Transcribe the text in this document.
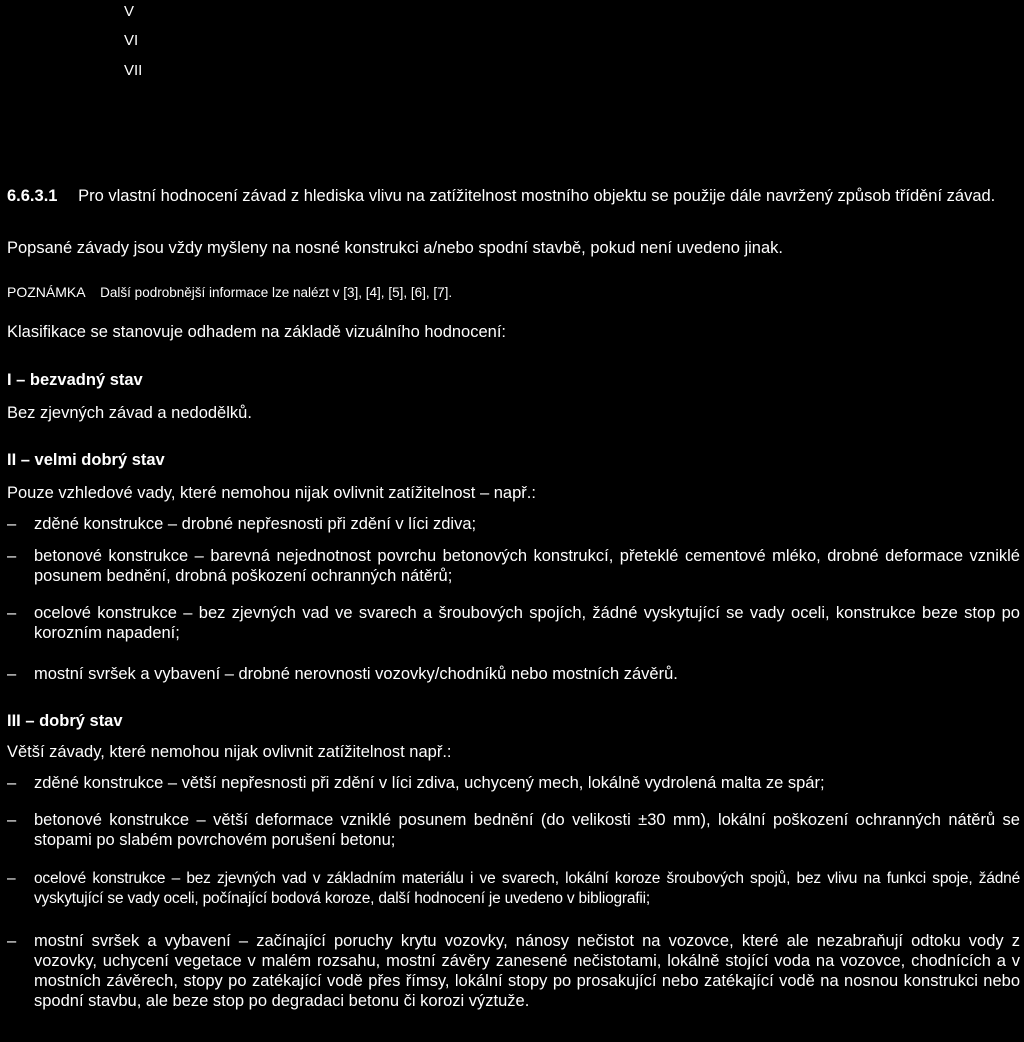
V
VI
VII
6.6.3.1 Pro vlastní hodnocení závad z hlediska vlivu na zatížitelnost mostního objektu se použije dále navržený způsob třídění závad.
Popsané závady jsou vždy myšleny na nosné konstrukci a/nebo spodní stavbě, pokud není uvedeno jinak.
POZNÁMKA Další podrobnější informace lze nalézt v [3], [4], [5], [6], [7].
Klasifikace se stanovuje odhadem na základě vizuálního hodnocení:
I – bezvadný stav
Bez zjevných závad a nedodělků.
II – velmi dobrý stav
Pouze vzhledové vady, které nemohou nijak ovlivnit zatížitelnost – např.:
– zděné konstrukce – drobné nepřesnosti při zdění v líci zdiva;
– betonové konstrukce – barevná nejednotnost povrchu betonových konstrukcí, přeteklé cementové mléko, drobné deformace vzniklé posunem bednění, drobná poškození ochranných nátěrů;
– ocelové konstrukce – bez zjevných vad ve svarech a šroubových spojích, žádné vyskytující se vady oceli, konstrukce beze stop po korozním napadení;
– mostní svršek a vybavení – drobné nerovnosti vozovky/chodníků nebo mostních závěrů.
III – dobrý stav
Větší závady, které nemohou nijak ovlivnit zatížitelnost např.:
– zděné konstrukce – větší nepřesnosti při zdění v líci zdiva, uchycený mech, lokálně vydrolená malta ze spár;
– betonové konstrukce – větší deformace vzniklé posunem bednění (do velikosti ±30 mm), lokální poškození ochranných nátěrů se stopami po slabém povrchovém porušení betonu;
– ocelové konstrukce – bez zjevných vad v základním materiálu i ve svarech, lokální koroze šroubových spojů, bez vlivu na funkci spoje, žádné vyskytující se vady oceli, počínající bodová koroze, další hodnocení je uvedeno v bibliografii;
– mostní svršek a vybavení – začínající poruchy krytu vozovky, nánosy nečistot na vozovce, které ale nezabraňují odtoku vody z vozovky, uchycení vegetace v malém rozsahu, mostní závěry zanesené nečistotami, lokálně stojící voda na vozovce, chodnících a v mostních závěrech, stopy po zatékající vodě přes římsy, lokální stopy po prosakující nebo zatékající vodě na nosnou konstrukci nebo spodní stavbu, ale beze stop po degradaci betonu či korozi výztuže.
